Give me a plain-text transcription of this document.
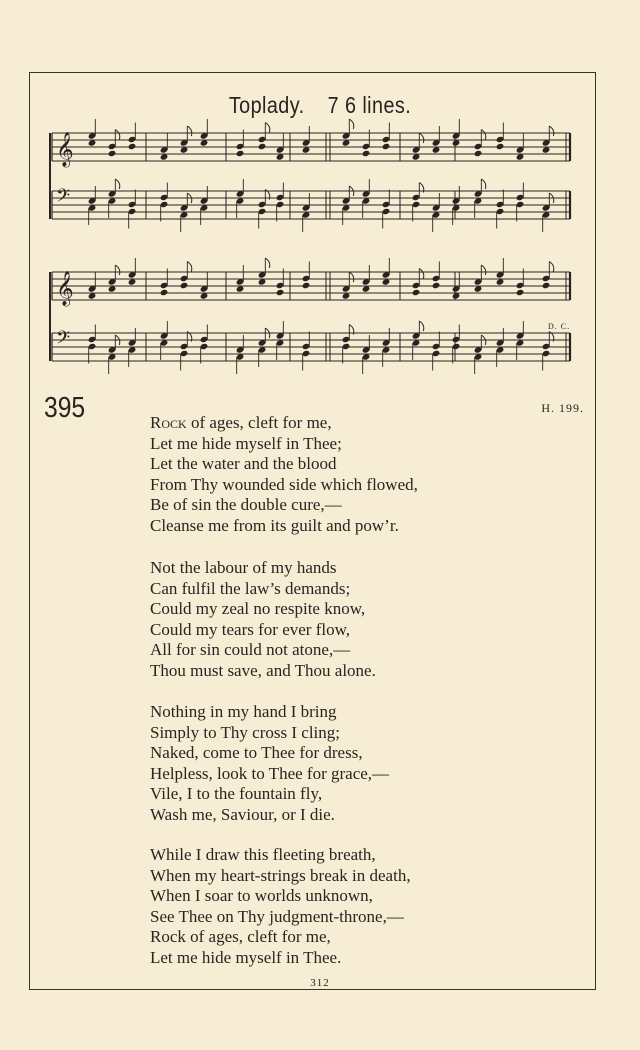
Toplady. 7 6 lines.
𝄞
𝄢
𝄞
𝄢
D. C.
395	H. 199.
Rock of ages, cleft for me,
Let me hide myself in Thee;
Let the water and the blood
From Thy wounded side which flowed,
Be of sin the double cure,—
Cleanse me from its guilt and pow’r.
Not the labour of my hands
Can fulfil the law’s demands;
Could my zeal no respite know,
Could my tears for ever flow,
All for sin could not atone,—
Thou must save, and Thou alone.
Nothing in my hand I bring
Simply to Thy cross I cling;
Naked, come to Thee for dress,
Helpless, look to Thee for grace,—
Vile, I to the fountain fly,
Wash me, Saviour, or I die.
While I draw this fleeting breath,
When my heart-strings break in death,
When I soar to worlds unknown,
See Thee on Thy judgment-throne,—
Rock of ages, cleft for me,
Let me hide myself in Thee.
312
